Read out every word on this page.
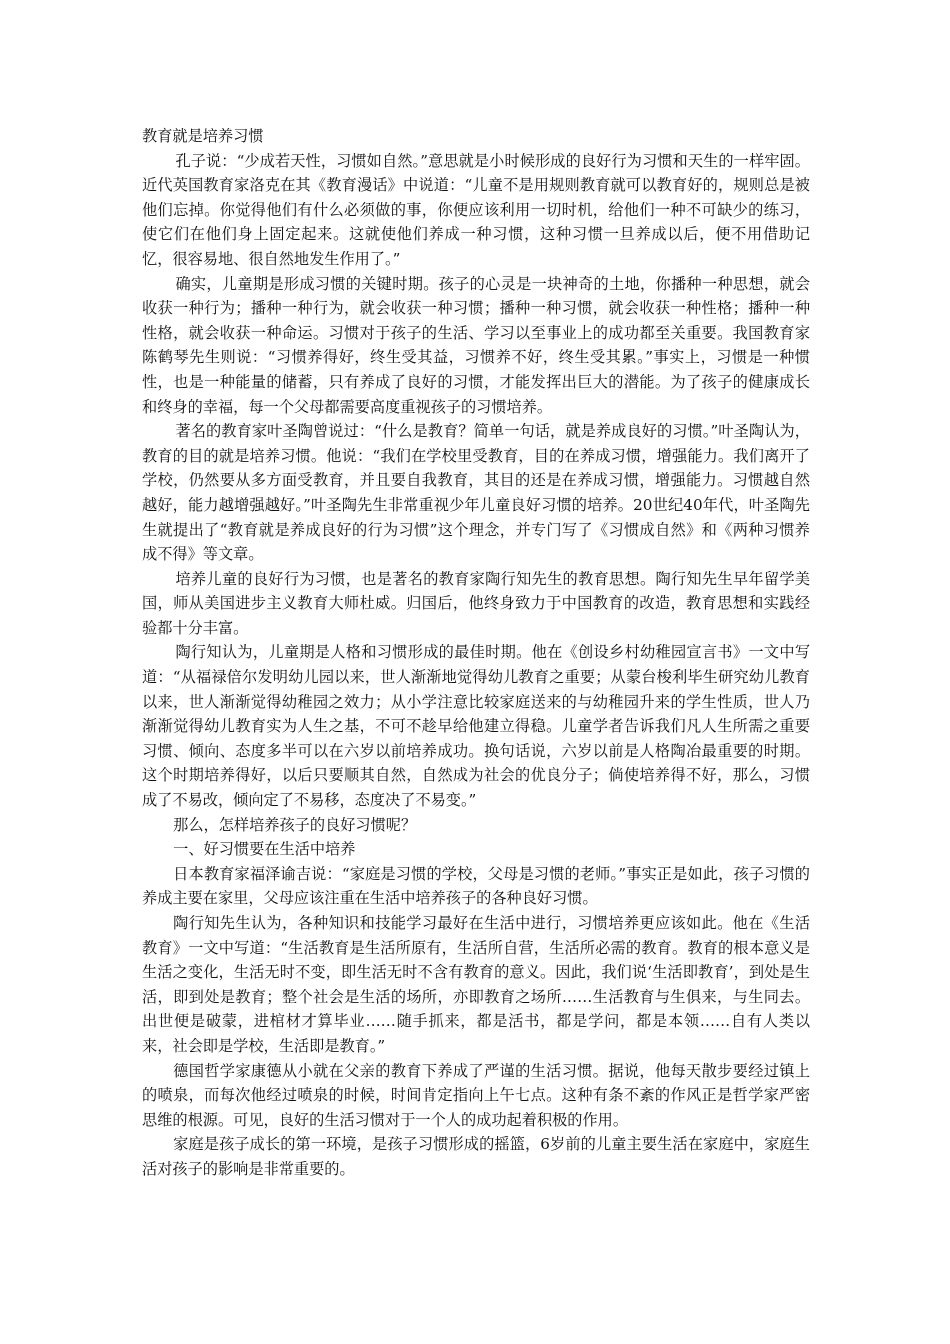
教育就是培养习惯

孔子说：“少成若天性，习惯如自然。”意思就是小时候形成的良好行为习惯和天生的一样牢固。近代英国教育家洛克在其《教育漫话》中说道：“儿童不是用规则教育就可以教育好的，规则总是被他们忘掉。你觉得他们有什么必须做的事，你便应该利用一切时机，给他们一种不可缺少的练习，使它们在他们身上固定起来。这就使他们养成一种习惯，这种习惯一旦养成以后，便不用借助记忆，很容易地、很自然地发生作用了。”

确实，儿童期是形成习惯的关键时期。孩子的心灵是一块神奇的土地，你播种一种思想，就会收获一种行为；播种一种行为，就会收获一种习惯；播种一种习惯，就会收获一种性格；播种一种性格，就会收获一种命运。习惯对于孩子的生活、学习以至事业上的成功都至关重要。我国教育家陈鹤琴先生则说：“习惯养得好，终生受其益，习惯养不好，终生受其累。”事实上，习惯是一种惯性，也是一种能量的储蓄，只有养成了良好的习惯，才能发挥出巨大的潜能。为了孩子的健康成长和终身的幸福，每一个父母都需要高度重视孩子的习惯培养。

著名的教育家叶圣陶曾说过：“什么是教育？简单一句话，就是养成良好的习惯。”叶圣陶认为，教育的目的就是培养习惯。他说：“我们在学校里受教育，目的在养成习惯，增强能力。我们离开了学校，仍然要从多方面受教育，并且要自我教育，其目的还是在养成习惯，增强能力。习惯越自然越好，能力越增强越好。”叶圣陶先生非常重视少年儿童良好习惯的培养。20世纪40年代，叶圣陶先生就提出了“教育就是养成良好的行为习惯”这个理念，并专门写了《习惯成自然》和《两种习惯养成不得》等文章。

培养儿童的良好行为习惯，也是著名的教育家陶行知先生的教育思想。陶行知先生早年留学美国，师从美国进步主义教育大师杜威。归国后，他终身致力于中国教育的改造，教育思想和实践经验都十分丰富。

陶行知认为，儿童期是人格和习惯形成的最佳时期。他在《创设乡村幼稚园宣言书》一文中写道：“从福禄倍尔发明幼儿园以来，世人渐渐地觉得幼儿教育之重要；从蒙台梭利毕生研究幼儿教育以来，世人渐渐觉得幼稚园之效力；从小学注意比较家庭送来的与幼稚园升来的学生性质，世人乃渐渐觉得幼儿教育实为人生之基，不可不趁早给他建立得稳。儿童学者告诉我们凡人生所需之重要习惯、倾向、态度多半可以在六岁以前培养成功。换句话说，六岁以前是人格陶冶最重要的时期。这个时期培养得好，以后只要顺其自然，自然成为社会的优良分子；倘使培养得不好，那么，习惯成了不易改，倾向定了不易移，态度决了不易变。”

那么，怎样培养孩子的良好习惯呢？

一、好习惯要在生活中培养

日本教育家福泽谕吉说：“家庭是习惯的学校，父母是习惯的老师。”事实正是如此，孩子习惯的养成主要在家里，父母应该注重在生活中培养孩子的各种良好习惯。

陶行知先生认为，各种知识和技能学习最好在生活中进行，习惯培养更应该如此。他在《生活教育》一文中写道：“生活教育是生活所原有，生活所自营，生活所必需的教育。教育的根本意义是生活之变化，生活无时不变，即生活无时不含有教育的意义。因此，我们说‘生活即教育’，到处是生活，即到处是教育；整个社会是生活的场所，亦即教育之场所……生活教育与生俱来，与生同去。出世便是破蒙，进棺材才算毕业……随手抓来，都是活书，都是学问，都是本领……自有人类以来，社会即是学校，生活即是教育。”

德国哲学家康德从小就在父亲的教育下养成了严谨的生活习惯。据说，他每天散步要经过镇上的喷泉，而每次他经过喷泉的时候，时间肯定指向上午七点。这种有条不紊的作风正是哲学家严密思维的根源。可见，良好的生活习惯对于一个人的成功起着积极的作用。

家庭是孩子成长的第一环境，是孩子习惯形成的摇篮，6岁前的儿童主要生活在家庭中，家庭生活对孩子的影响是非常重要的。
